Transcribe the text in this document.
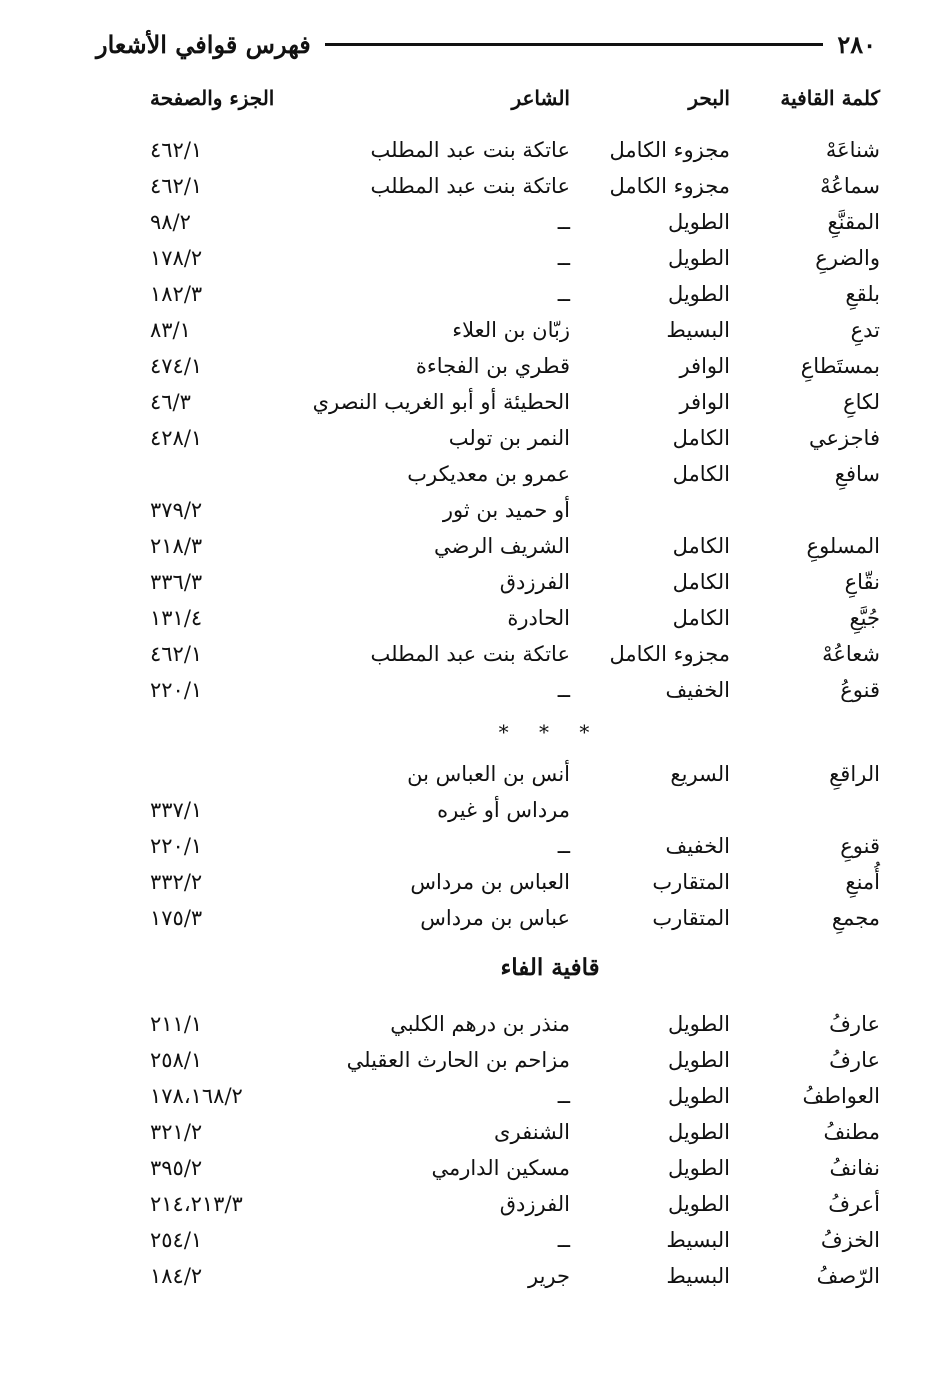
٢٨٠
فهرس قوافي الأشعار
كلمة القافية
البحر
الشاعر
الجزء والصفحة
شناعَهْ
مجزوء الكامل
عاتكة بنت عبد المطلب
٤٦٢/١
سماعُهْ
مجزوء الكامل
عاتكة بنت عبد المطلب
٤٦٢/١
المقنَّعِ
الطويل
ــ
٩٨/٢
والضرعِ
الطويل
ــ
١٧٨/٢
بلقعِ
الطويل
ــ
١٨٢/٣
تدعِ
البسيط
زبّان بن العلاء
٨٣/١
بمستَطاعِ
الوافر
قطري بن الفجاءة
٤٧٤/١
لكاعِ
الوافر
الحطيئة أو أبو الغريب النصري
٤٦/٣
فاجزعي
الكامل
النمر بن تولب
٤٢٨/١
سافعِ
الكامل
عمرو بن معديكرب
أو حميد بن ثور
٣٧٩/٢
المسلوعِ
الكامل
الشريف الرضي
٢١٨/٣
نقّاعِ
الكامل
الفرزدق
٣٣٦/٣
جُيَّعِ
الكامل
الحادرة
١٣١/٤
شعاعُهْ
مجزوء الكامل
عاتكة بنت عبد المطلب
٤٦٢/١
قنوعُ
الخفيف
ــ
٢٢٠/١
* * *
الراقعِ
السريع
أنس بن العباس بن
مرداس أو غيره
٣٣٧/١
قنوعِ
الخفيف
ــ
٢٢٠/١
أُمنعِ
المتقارب
العباس بن مرداس
٣٣٢/٢
مجمعِ
المتقارب
عباس بن مرداس
١٧٥/٣
قافية الفاء
عارفُ
الطويل
منذر بن درهم الكلبي
٢١١/١
عارفُ
الطويل
مزاحم بن الحارث العقيلي
٢٥٨/١
العواطفُ
الطويل
ــ
١٧٨،١٦٨/٢
مطنفُ
الطويل
الشنفرى
٣٢١/٢
نفانفُ
الطويل
مسكين الدارمي
٣٩٥/٢
أعرفُ
الطويل
الفرزدق
٢١٤،٢١٣/٣
الخزفُ
البسيط
ــ
٢٥٤/١
الرّصفُ
البسيط
جرير
١٨٤/٢
